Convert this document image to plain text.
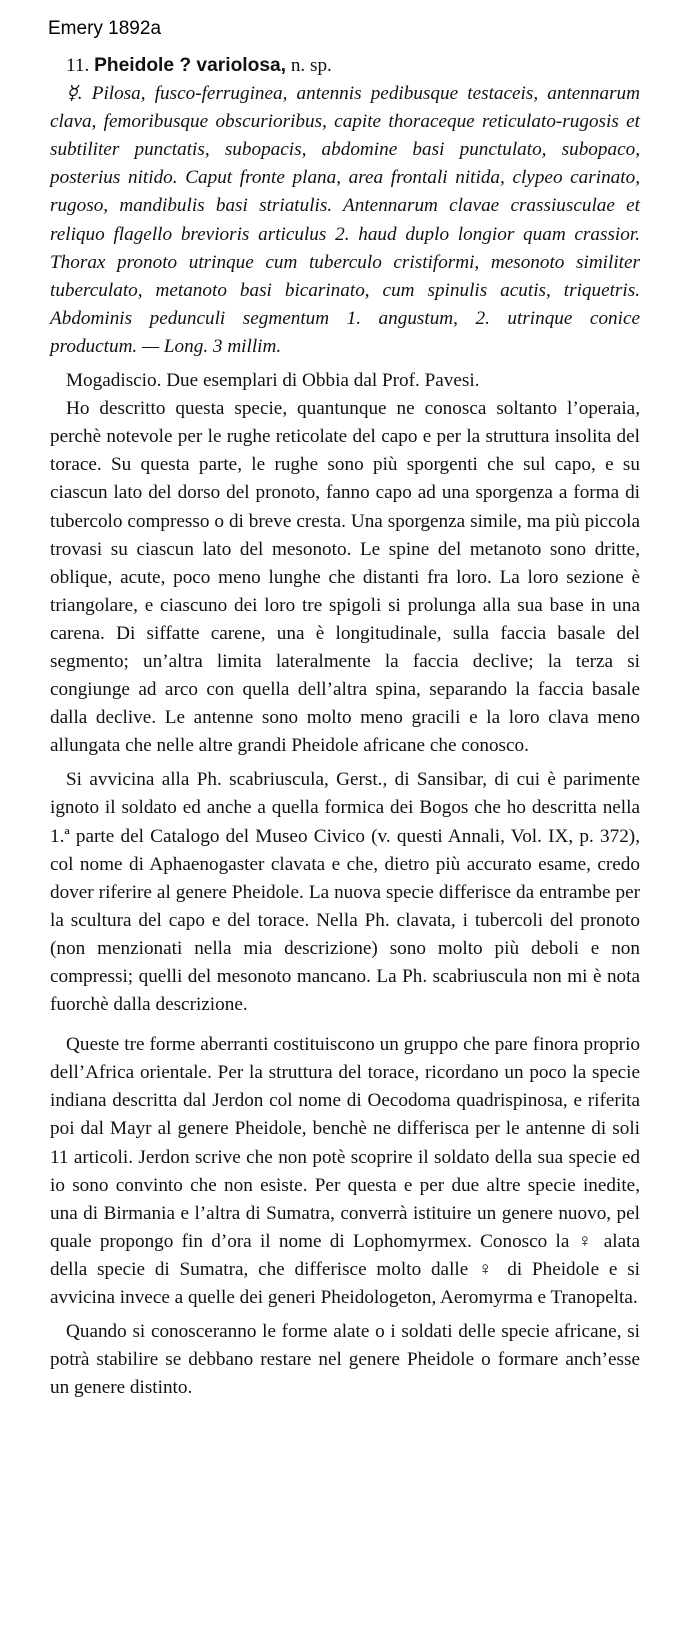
Emery 1892a

11. Pheidole ? variolosa, n. sp.

☿. Pilosa, fusco-ferruginea, antennis pedibusque testaceis, antennarum clava, femoribusque obscurioribus, capite thoraceque reticulato-rugosis et subtiliter punctatis, subopacis, abdomine basi punctulato, subopaco, posterius nitido. Caput fronte plana, area frontali nitida, clypeo carinato, rugoso, mandibulis basi striatulis. Antennarum clavae crassiusculae et reliquo flagello brevioris articulus 2. haud duplo longior quam crassior. Thorax pronoto utrinque cum tuberculo cristiformi, mesonoto similiter tuberculato, metanoto basi bicarinato, cum spinulis acutis, triquetris. Abdominis pedunculi segmentum 1. angustum, 2. utrinque conice productum. — Long. 3 millim.

Mogadiscio. Due esemplari di Obbia dal Prof. Pavesi.

Ho descritto questa specie, quantunque ne conosca soltanto l’operaia, perchè notevole per le rughe reticolate del capo e per la struttura insolita del torace. Su questa parte, le rughe sono più sporgenti che sul capo, e su ciascun lato del dorso del pronoto, fanno capo ad una sporgenza a forma di tubercolo compresso o di breve cresta. Una sporgenza simile, ma più piccola trovasi su ciascun lato del mesonoto. Le spine del metanoto sono dritte, oblique, acute, poco meno lunghe che distanti fra loro. La loro sezione è triangolare, e ciascuno dei loro tre spigoli si prolunga alla sua base in una carena. Di siffatte carene, una è longitudinale, sulla faccia basale del segmento; un’altra limita lateralmente la faccia declive; la terza si congiunge ad arco con quella dell’altra spina, separando la faccia basale dalla declive. Le antenne sono molto meno gracili e la loro clava meno allungata che nelle altre grandi Pheidole africane che conosco.

Si avvicina alla Ph. scabriuscula, Gerst., di Sansibar, di cui è parimente ignoto il soldato ed anche a quella formica dei Bogos che ho descritta nella 1.ª parte del Catalogo del Museo Civico (v. questi Annali, Vol. IX, p. 372), col nome di Aphaenogaster clavata e che, dietro più accurato esame, credo dover riferire al genere Pheidole. La nuova specie differisce da entrambe per la scultura del capo e del torace. Nella Ph. clavata, i tubercoli del pronoto (non menzionati nella mia descrizione) sono molto più deboli e non compressi; quelli del mesonoto mancano. La Ph. scabriuscula non mi è nota fuorchè dalla descrizione.

Queste tre forme aberranti costituiscono un gruppo che pare finora proprio dell’Africa orientale. Per la struttura del torace, ricordano un poco la specie indiana descritta dal Jerdon col nome di Oecodoma quadrispinosa, e riferita poi dal Mayr al genere Pheidole, benchè ne differisca per le antenne di soli 11 articoli. Jerdon scrive che non potè scoprire il soldato della sua specie ed io sono convinto che non esiste. Per questa e per due altre specie inedite, una di Birmania e l’altra di Sumatra, converrà istituire un genere nuovo, pel quale propongo fin d’ora il nome di Lophomyrmex. Conosco la ♀ alata della specie di Sumatra, che differisce molto dalle ♀ di Pheidole e si avvicina invece a quelle dei generi Pheidologeton, Aeromyrma e Tranopelta.

Quando si conosceranno le forme alate o i soldati delle specie africane, si potrà stabilire se debbano restare nel genere Pheidole o formare anch’esse un genere distinto.
